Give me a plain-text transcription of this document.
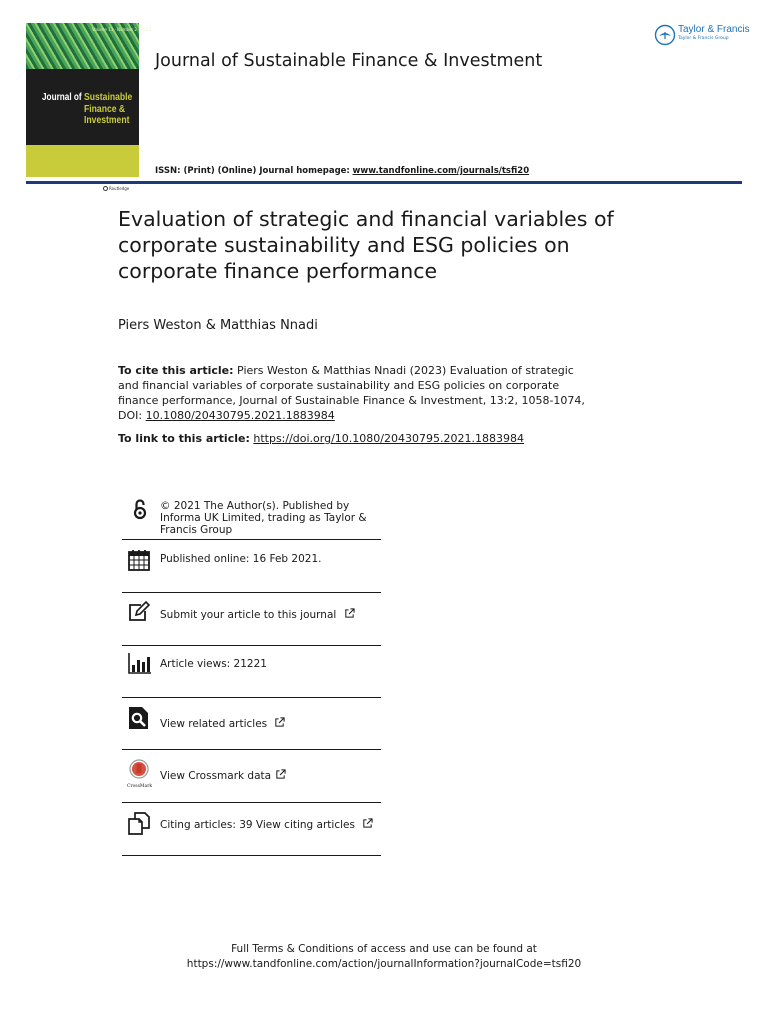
Volume 13 · Number 2 · 2023
Journal of Sustainable
Finance &
Investment
Routledge
Journal of Sustainable Finance & Investment
ISSN: (Print) (Online) Journal homepage: www.tandfonline.com/journals/tsfi20
Taylor & Francis
Taylor & Francis Group
Evaluation of strategic and financial variables of corporate sustainability and ESG policies on corporate finance performance
Piers Weston & Matthias Nnadi
To cite this article: Piers Weston & Matthias Nnadi (2023) Evaluation of strategic and financial variables of corporate sustainability and ESG policies on corporate finance performance, Journal of Sustainable Finance & Investment, 13:2, 1058-1074, DOI: 10.1080/20430795.2021.1883984
To link to this article: https://doi.org/10.1080/20430795.2021.1883984
© 2021 The Author(s). Published by Informa UK Limited, trading as Taylor & Francis Group
Published online: 16 Feb 2021.
Submit your article to this journal
Article views: 21221
View related articles
CrossMark
View Crossmark data
Citing articles: 39 View citing articles
Full Terms & Conditions of access and use can be found at
https://www.tandfonline.com/action/journalInformation?journalCode=tsfi20
